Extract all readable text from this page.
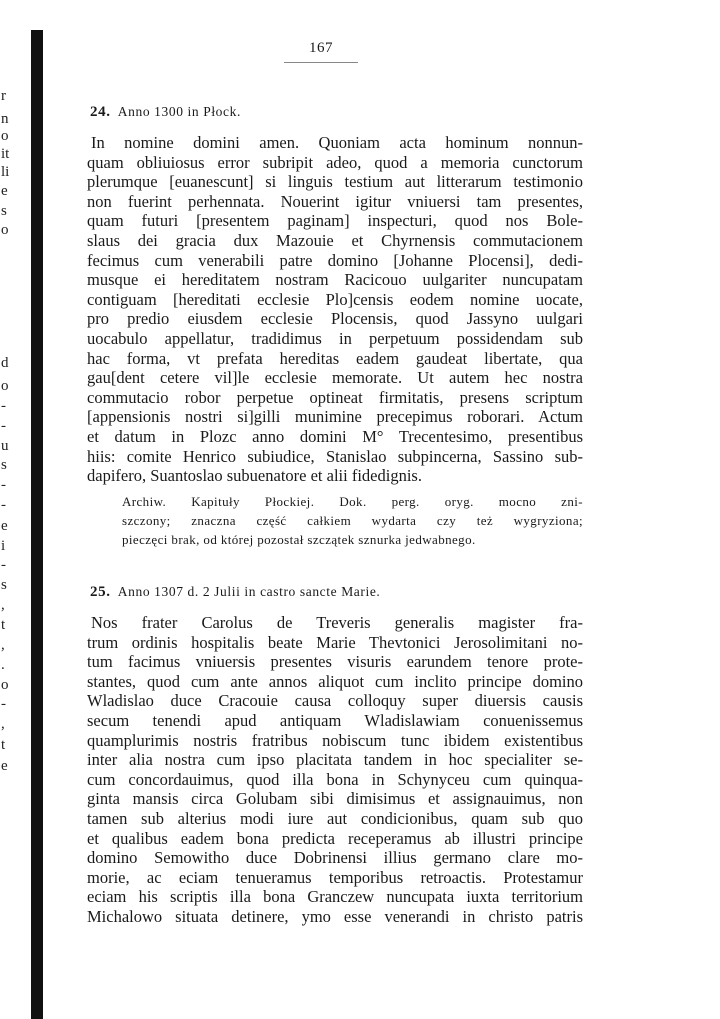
r
n
o
it
li
e
s
o
d
o
-
-
u
s
-
-
e
i
-
s
,
t
,
.
o
-
,
t
e
167
24. Anno 1300 in Płock.
In nomine domini amen. Quoniam acta hominum nonnun-
quam obliuiosus error subripit adeo, quod a memoria cunctorum
plerumque [euanescunt] si linguis testium aut litterarum testimonio
non fuerint perhennata. Nouerint igitur vniuersi tam presentes,
quam futuri [presentem paginam] inspecturi, quod nos Bole-
slaus dei gracia dux Mazouie et Chyrnensis commutacionem
fecimus cum venerabili patre domino [Johanne Plocensi], dedi-
musque ei hereditatem nostram Racicouo uulgariter nuncupatam
contiguam [hereditati ecclesie Plo]censis eodem nomine uocate,
pro predio eiusdem ecclesie Plocensis, quod Jassyno uulgari
uocabulo appellatur, tradidimus in perpetuum possidendam sub
hac forma, vt prefata hereditas eadem gaudeat libertate, qua
gau[dent cetere vil]le ecclesie memorate. Ut autem hec nostra
commutacio robor perpetue optineat firmitatis, presens scriptum
[appensionis nostri si]gilli munimine precepimus roborari. Actum
et datum in Plozc anno domini M° Trecentesimo, presentibus
hiis: comite Henrico subiudice, Stanislao subpincerna, Sassino sub-
dapifero, Suantoslao subuenatore et alii fidedignis.
Archiw. Kapituły Płockiej. Dok. perg. oryg. mocno zni-
szczony; znaczna część całkiem wydarta czy też wygryziona;
pieczęci brak, od której pozostał szczątek sznurka jedwabnego.
25. Anno 1307 d. 2 Julii in castro sancte Marie.
Nos frater Carolus de Treveris generalis magister fra-
trum ordinis hospitalis beate Marie Thevtonici Jerosolimitani no-
tum facimus vniuersis presentes visuris earundem tenore prote-
stantes, quod cum ante annos aliquot cum inclito principe domino
Wladislao duce Cracouie causa colloquy super diuersis causis
secum tenendi apud antiquam Wladislawiam conuenissemus
quamplurimis nostris fratribus nobiscum tunc ibidem existentibus
inter alia nostra cum ipso placitata tandem in hoc specialiter se-
cum concordauimus, quod illa bona in Schynyceu cum quinqua-
ginta mansis circa Golubam sibi dimisimus et assignauimus, non
tamen sub alterius modi iure aut condicionibus, quam sub quo
et qualibus eadem bona predicta receperamus ab illustri principe
domino Semowitho duce Dobrinensi illius germano clare mo-
morie, ac eciam tenueramus temporibus retroactis. Protestamur
eciam his scriptis illa bona Granczew nuncupata iuxta territorium
Michalowo situata detinere, ymo esse venerandi in christo patris
